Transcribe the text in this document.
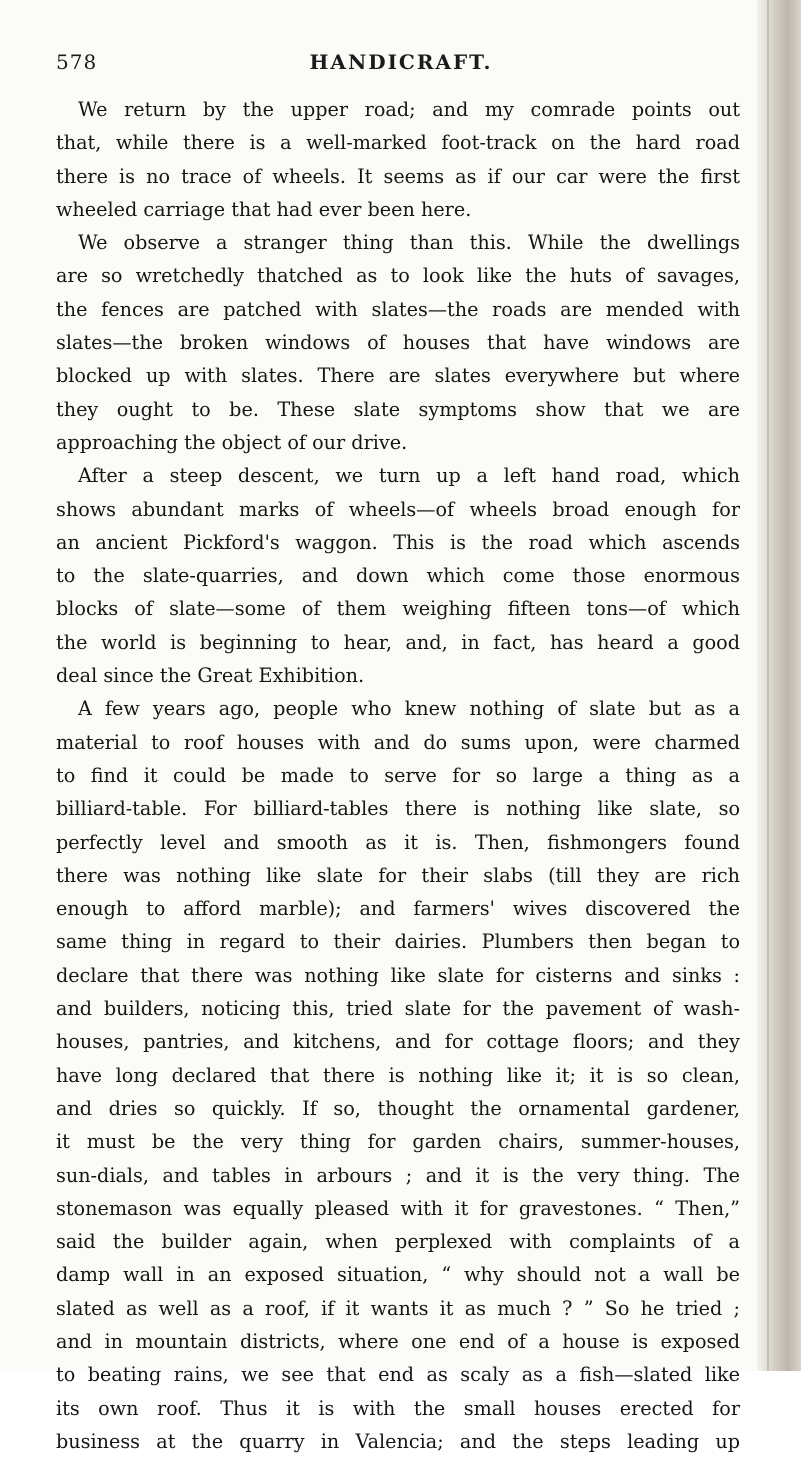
578	HANDICRAFT.
We return by the upper road; and my comrade points out
that, while there is a well-marked foot-track on the hard road
there is no trace of wheels. It seems as if our car were the first
wheeled carriage that had ever been here.
We observe a stranger thing than this. While the dwellings
are so wretchedly thatched as to look like the huts of savages,
the fences are patched with slates—the roads are mended with
slates—the broken windows of houses that have windows are
blocked up with slates. There are slates everywhere but where
they ought to be. These slate symptoms show that we are
approaching the object of our drive.
After a steep descent, we turn up a left hand road, which
shows abundant marks of wheels—of wheels broad enough for
an ancient Pickford's waggon. This is the road which ascends
to the slate-quarries, and down which come those enormous
blocks of slate—some of them weighing fifteen tons—of which
the world is beginning to hear, and, in fact, has heard a good
deal since the Great Exhibition.
A few years ago, people who knew nothing of slate but as a
material to roof houses with and do sums upon, were charmed
to find it could be made to serve for so large a thing as a
billiard-table. For billiard-tables there is nothing like slate, so
perfectly level and smooth as it is. Then, fishmongers found
there was nothing like slate for their slabs (till they are rich
enough to afford marble); and farmers' wives discovered the
same thing in regard to their dairies. Plumbers then began to
declare that there was nothing like slate for cisterns and sinks :
and builders, noticing this, tried slate for the pavement of wash-
houses, pantries, and kitchens, and for cottage floors; and they
have long declared that there is nothing like it; it is so clean,
and dries so quickly. If so, thought the ornamental gardener,
it must be the very thing for garden chairs, summer-houses,
sun-dials, and tables in arbours ; and it is the very thing. The
stonemason was equally pleased with it for gravestones. “ Then,”
said the builder again, when perplexed with complaints of a
damp wall in an exposed situation, “ why should not a wall be
slated as well as a roof, if it wants it as much ? ” So he tried ;
and in mountain districts, where one end of a house is exposed
to beating rains, we see that end as scaly as a fish—slated like
its own roof. Thus it is with the small houses erected for
business at the quarry in Valencia; and the steps leading up
